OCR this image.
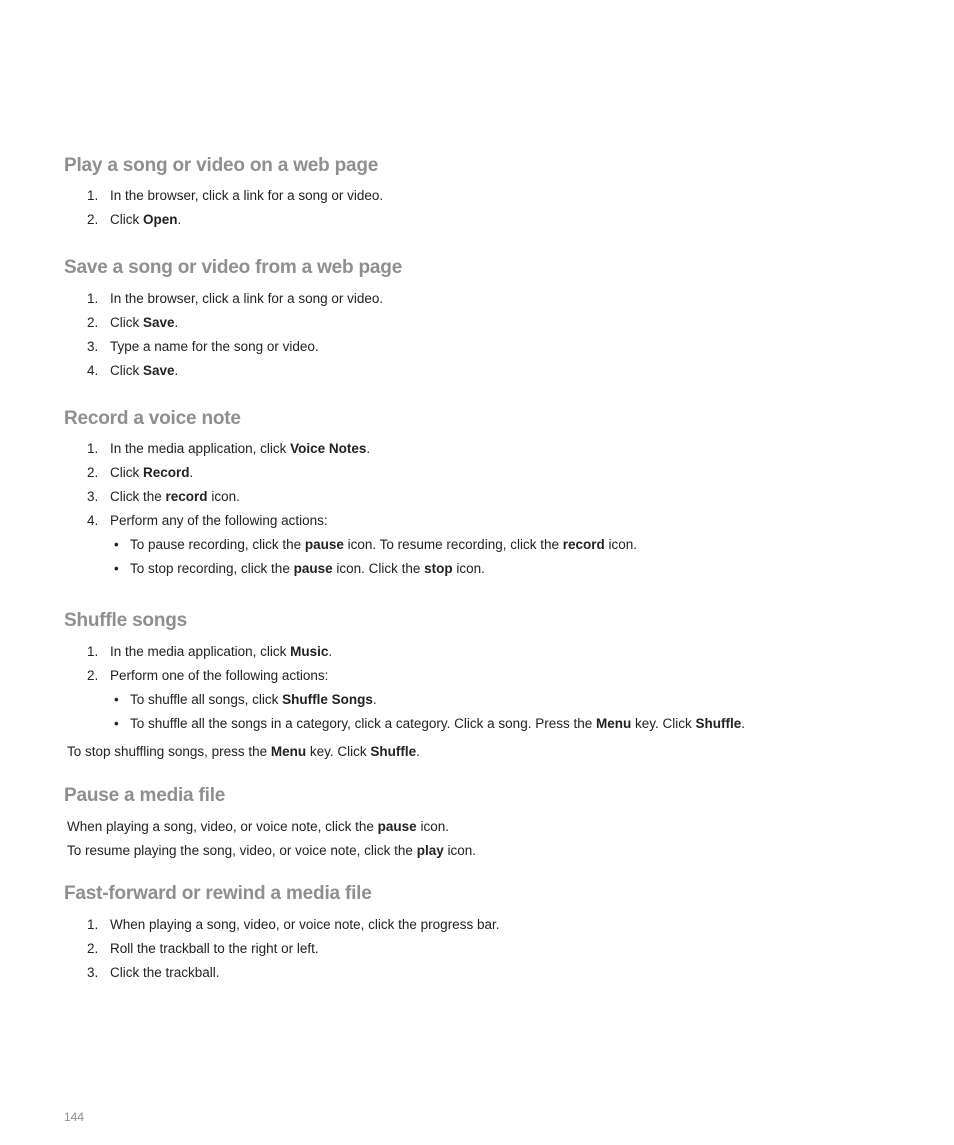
Play a song or video on a web page
1. In the browser, click a link for a song or video.
2. Click Open.
Save a song or video from a web page
1. In the browser, click a link for a song or video.
2. Click Save.
3. Type a name for the song or video.
4. Click Save.
Record a voice note
1. In the media application, click Voice Notes.
2. Click Record.
3. Click the record icon.
4. Perform any of the following actions:
• To pause recording, click the pause icon. To resume recording, click the record icon.
• To stop recording, click the pause icon. Click the stop icon.
Shuffle songs
1. In the media application, click Music.
2. Perform one of the following actions:
• To shuffle all songs, click Shuffle Songs.
• To shuffle all the songs in a category, click a category. Click a song. Press the Menu key. Click Shuffle.
To stop shuffling songs, press the Menu key. Click Shuffle.
Pause a media file
When playing a song, video, or voice note, click the pause icon.
To resume playing the song, video, or voice note, click the play icon.
Fast-forward or rewind a media file
1. When playing a song, video, or voice note, click the progress bar.
2. Roll the trackball to the right or left.
3. Click the trackball.
144
